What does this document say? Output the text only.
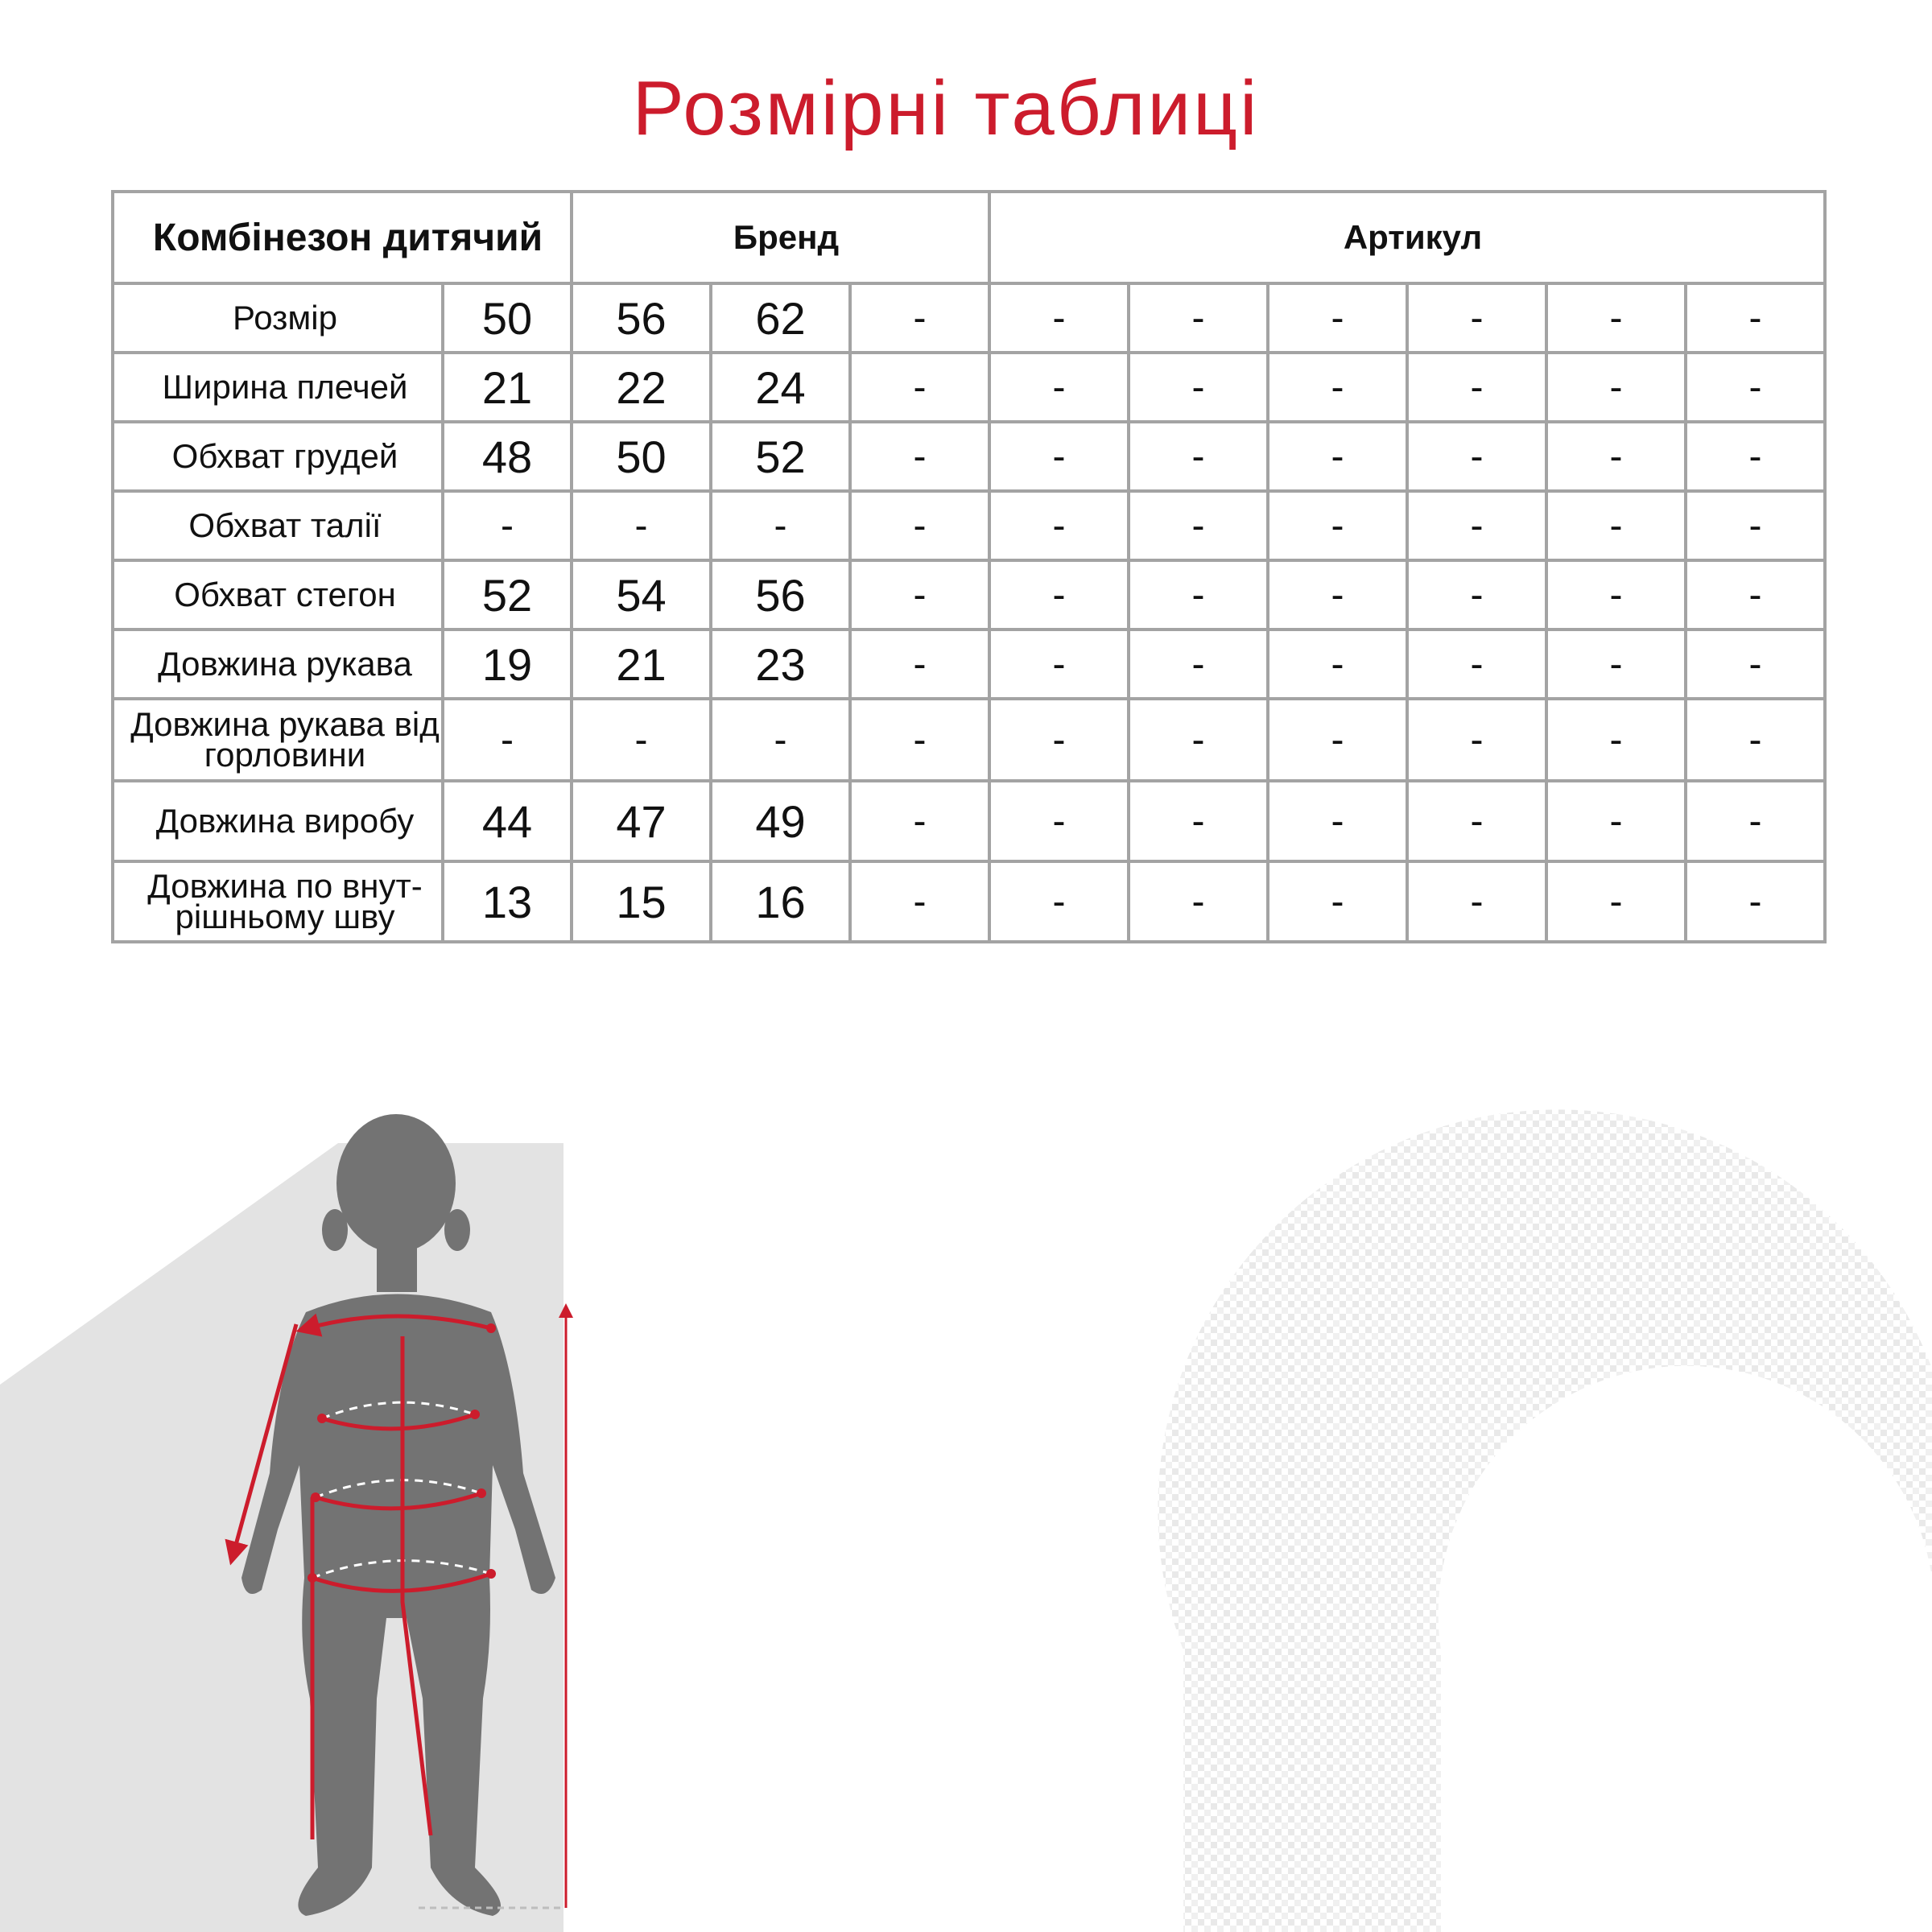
Розмірні таблиці
Комбінезон дитячий		Бренд			Артикул					
Розмір	50	56	62	-	-	-	-	-	-	-
Ширина плечей	21	22	24	-	-	-	-	-	-	-
Обхват грудей	48	50	52	-	-	-	-	-	-	-
Обхват талії	-	-	-	-	-	-	-	-	-	-
Обхват стегон	52	54	56	-	-	-	-	-	-	-
Довжина рукава	19	21	23	-	-	-	-	-	-	-
Довжина рукава від горловини	-	-	-	-	-	-	-	-	-	-
Довжина виробу	44	47	49	-	-	-	-	-	-	-
Довжина по внут- рішньому шву	13	15	16	-	-	-	-	-	-	-
